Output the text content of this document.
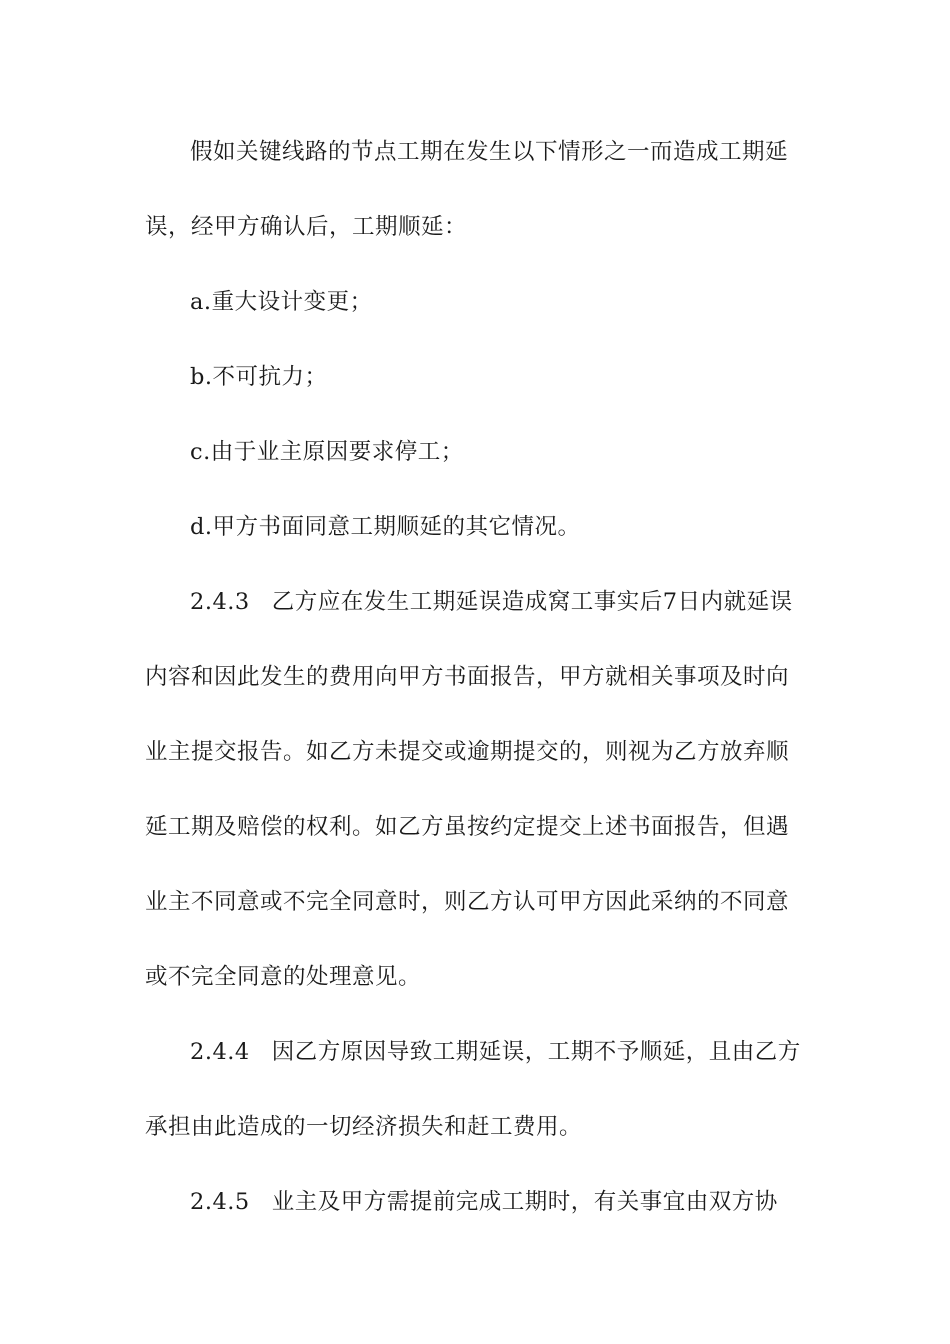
假如关键线路的节点工期在发生以下情形之一而造成工期延误，经甲方确认后，工期顺延：

a.重大设计变更；

b.不可抗力；

c.由于业主原因要求停工；

d.甲方书面同意工期顺延的其它情况。

2.4.3 乙方应在发生工期延误造成窝工事实后7日内就延误内容和因此发生的费用向甲方书面报告，甲方就相关事项及时向业主提交报告。如乙方未提交或逾期提交的，则视为乙方放弃顺延工期及赔偿的权利。如乙方虽按约定提交上述书面报告，但遇业主不同意或不完全同意时，则乙方认可甲方因此采纳的不同意或不完全同意的处理意见。

2.4.4 因乙方原因导致工期延误，工期不予顺延，且由乙方承担由此造成的一切经济损失和赶工费用。

2.4.5 业主及甲方需提前完成工期时，有关事宜由双方协
